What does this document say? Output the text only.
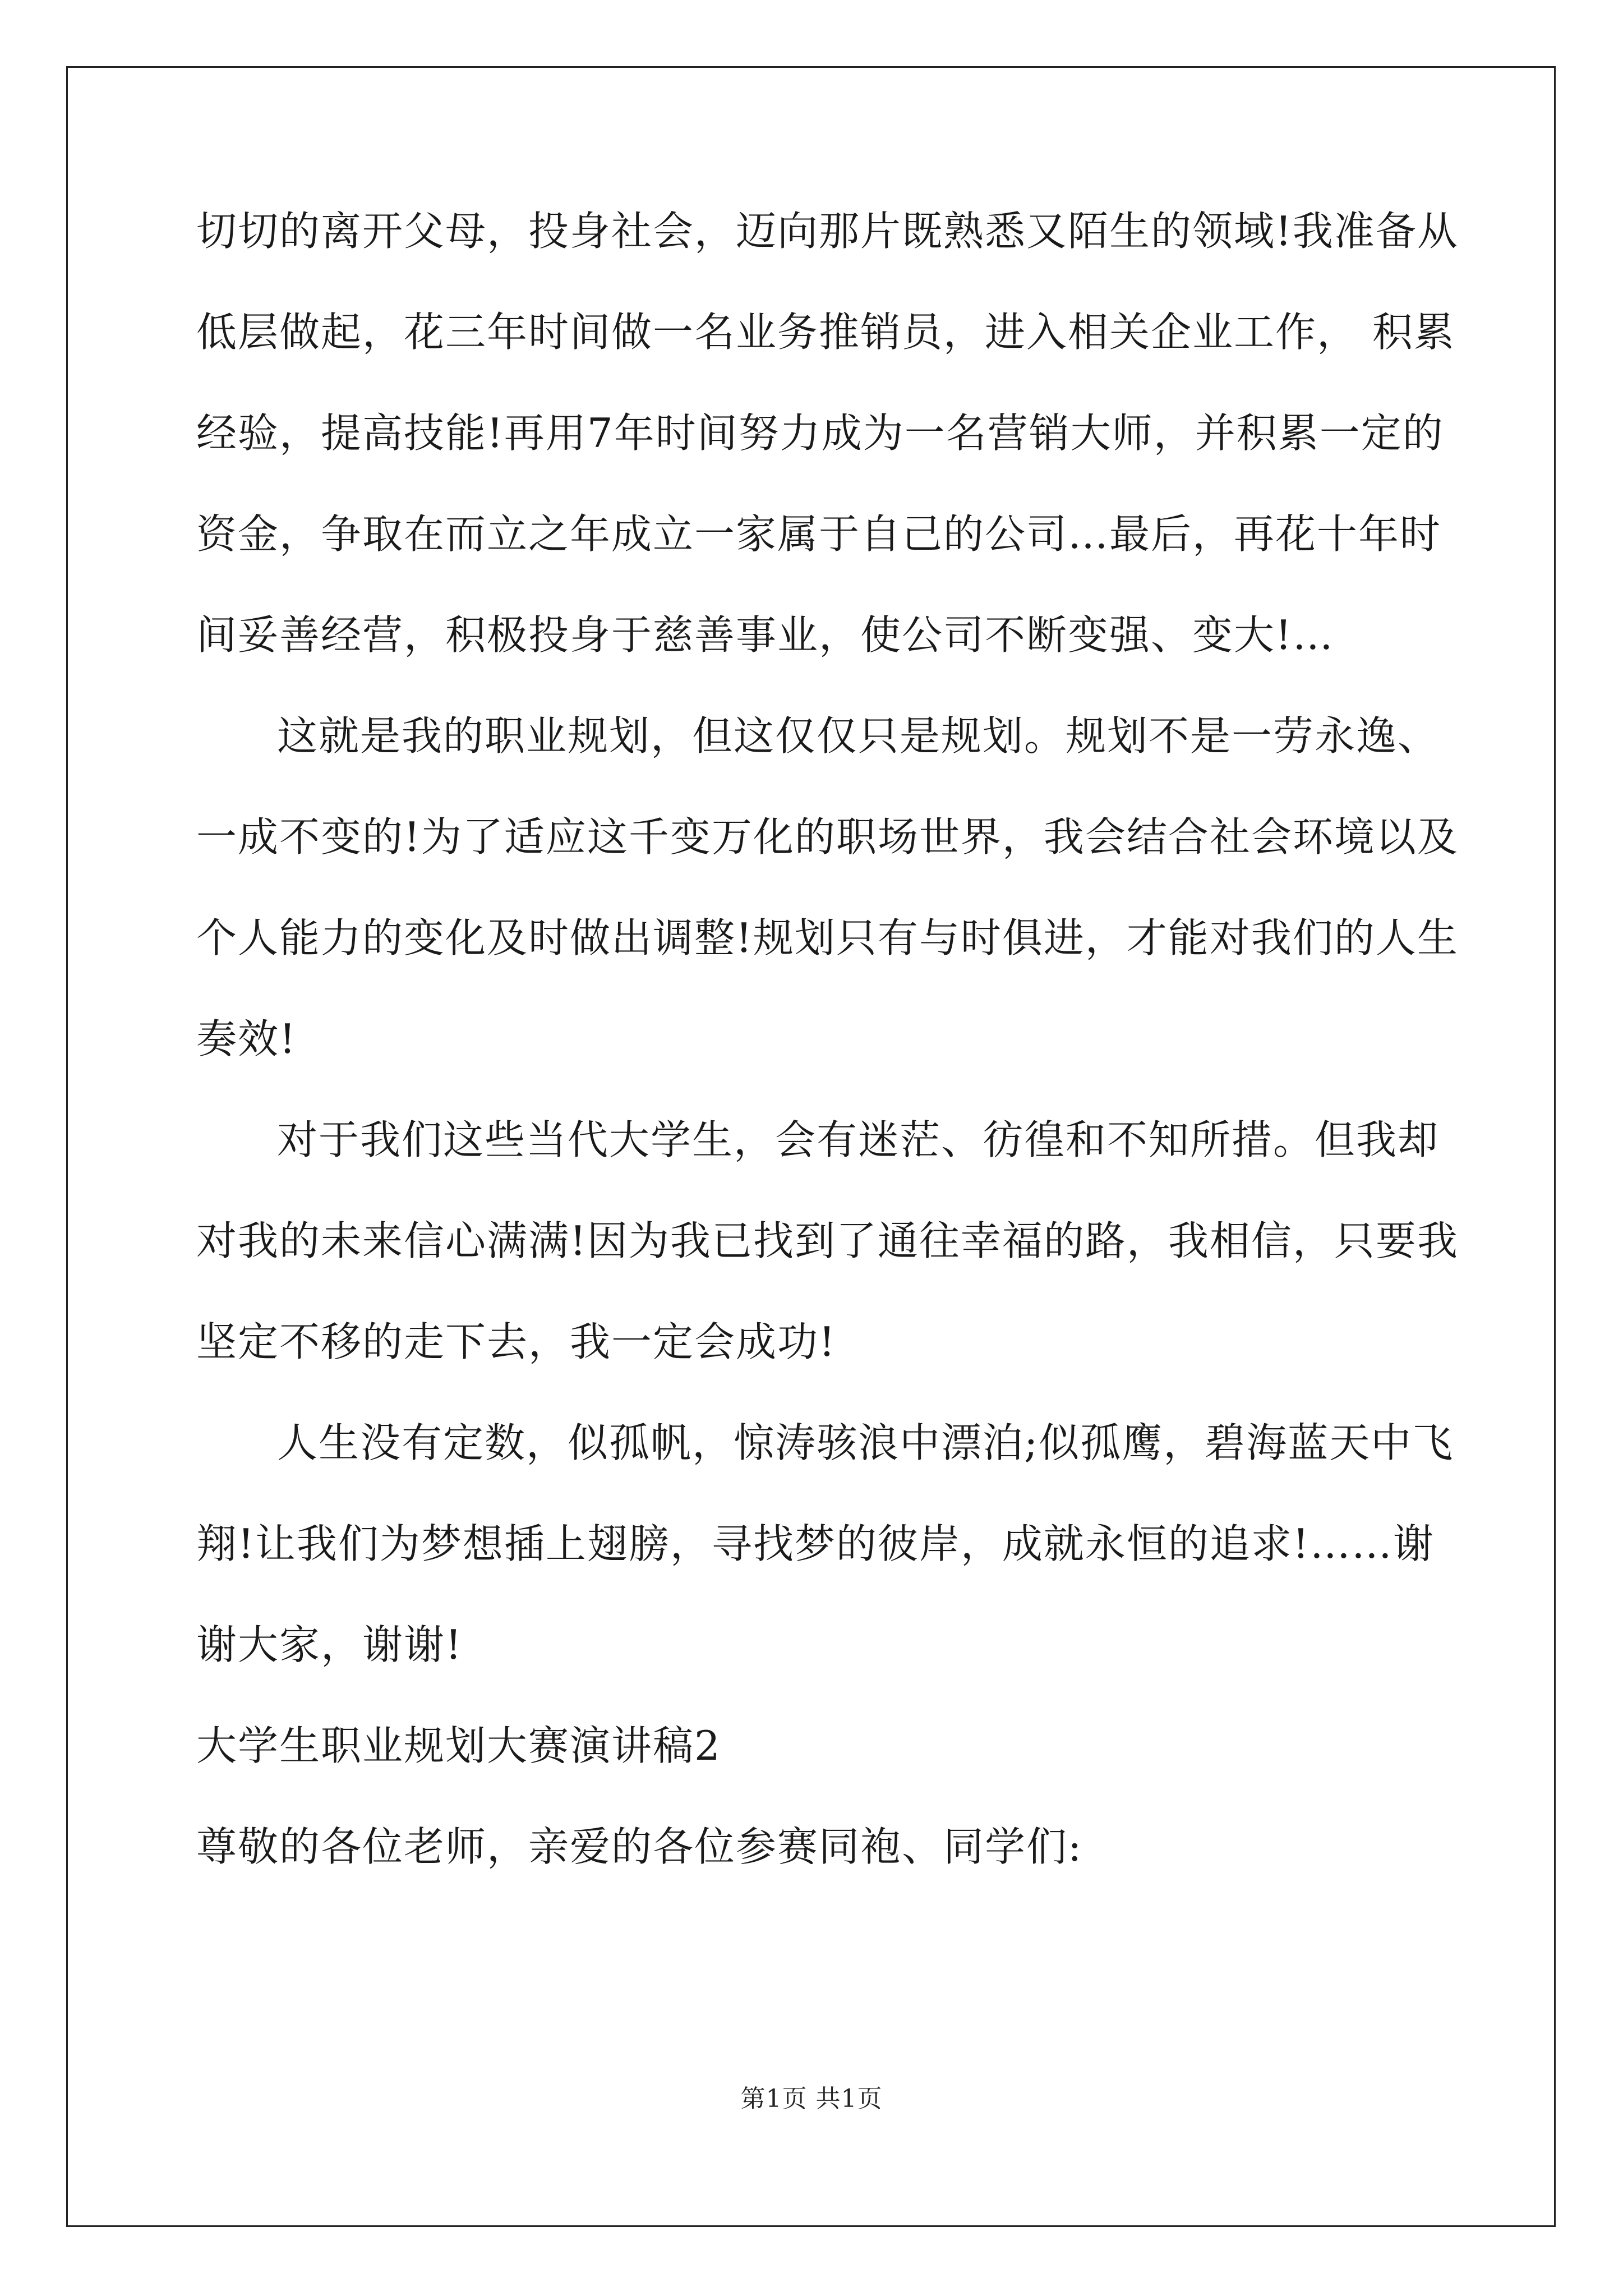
切切的离开父母，投身社会，迈向那片既熟悉又陌生的领域!我准备从
低层做起，花三年时间做一名业务推销员，进入相关企业工作， 积累
经验，提高技能!再用7年时间努力成为一名营销大师，并积累一定的
资金，争取在而立之年成立一家属于自己的公司…最后，再花十年时
间妥善经营，积极投身于慈善事业，使公司不断变强、变大!…
这就是我的职业规划，但这仅仅只是规划。规划不是一劳永逸、
一成不变的!为了适应这千变万化的职场世界，我会结合社会环境以及
个人能力的变化及时做出调整!规划只有与时俱进，才能对我们的人生
奏效!
对于我们这些当代大学生，会有迷茫、彷徨和不知所措。但我却
对我的未来信心满满!因为我已找到了通往幸福的路，我相信，只要我
坚定不移的走下去，我一定会成功!
人生没有定数，似孤帆，惊涛骇浪中漂泊;似孤鹰，碧海蓝天中飞
翔!让我们为梦想插上翅膀，寻找梦的彼岸，成就永恒的追求!……谢
谢大家，谢谢!
大学生职业规划大赛演讲稿2
尊敬的各位老师，亲爱的各位参赛同袍、同学们:
第1页 共1页
